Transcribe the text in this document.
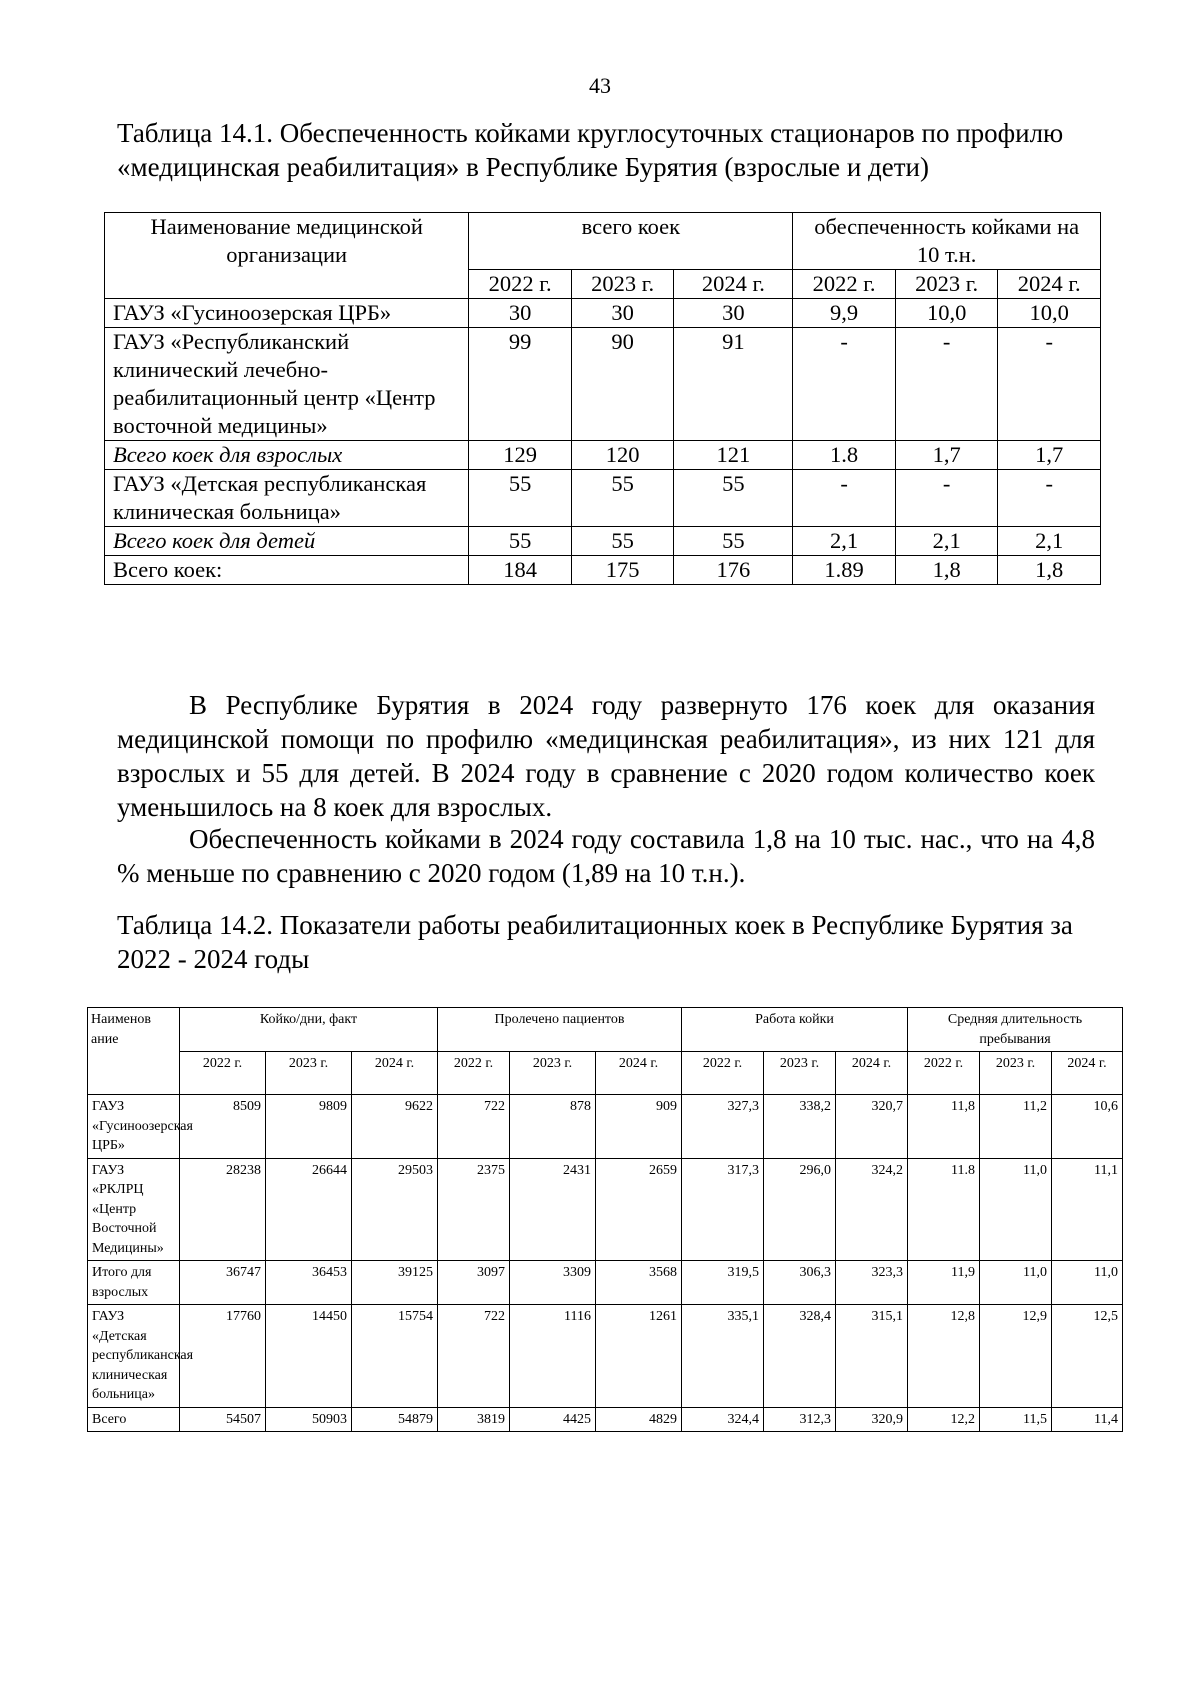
43
Таблица 14.1. Обеспеченность койками круглосуточных стационаров по профилю «медицинская реабилитация» в Республике Бурятия (взрослые и дети)
Наименование медицинской организации	всего коек			обеспеченность койками на 10 т.н.		
	2022 г.	2023 г.	2024 г.	2022 г.	2023 г.	2024 г.
ГАУЗ «Гусиноозерская ЦРБ»	30	30	30	9,9	10,0	10,0
ГАУЗ «Республиканский клинический лечебно-реабилитационный центр «Центр восточной медицины»	99	90	91	-	-	-
Всего коек для взрослых	129	120	121	1.8	1,7	1,7
ГАУЗ «Детская республиканская клиническая больница»	55	55	55	-	-	-
Всего коек для детей	55	55	55	2,1	2,1	2,1
Всего коек:	184	175	176	1.89	1,8	1,8
В Республике Бурятия в 2024 году развернуто 176 коек для оказания медицинской помощи по профилю «медицинская реабилитация», из них 121 для взрослых и 55 для детей. В 2024 году в сравнение с 2020 годом количество коек уменьшилось на 8 коек для взрослых.
Обеспеченность койками в 2024 году составила 1,8 на 10 тыс. нас., что на 4,8 % меньше по сравнению с 2020 годом (1,89 на 10 т.н.).
Таблица 14.2. Показатели работы реабилитационных коек в Республике Бурятия за 2022 - 2024 годы
Наименов ание	Койко/дни, факт			Пролечено пациентов			Работа койки			Средняя длительность пребывания		
	2022 г.	2023 г.	2024 г.	2022 г.	2023 г.	2024 г.	2022 г.	2023 г.	2024 г.	2022 г.	2023 г.	2024 г.
ГАУЗ «Гусиноозерская ЦРБ»	8509	9809	9622	722	878	909	327,3	338,2	320,7	11,8	11,2	10,6
ГАУЗ «РКЛРЦ «Центр Восточной Медицины»	28238	26644	29503	2375	2431	2659	317,3	296,0	324,2	11.8	11,0	11,1
Итого для взрослых	36747	36453	39125	3097	3309	3568	319,5	306,3	323,3	11,9	11,0	11,0
ГАУЗ «Детская республиканская клиническая больница»	17760	14450	15754	722	1116	1261	335,1	328,4	315,1	12,8	12,9	12,5
Всего	54507	50903	54879	3819	4425	4829	324,4	312,3	320,9	12,2	11,5	11,4
